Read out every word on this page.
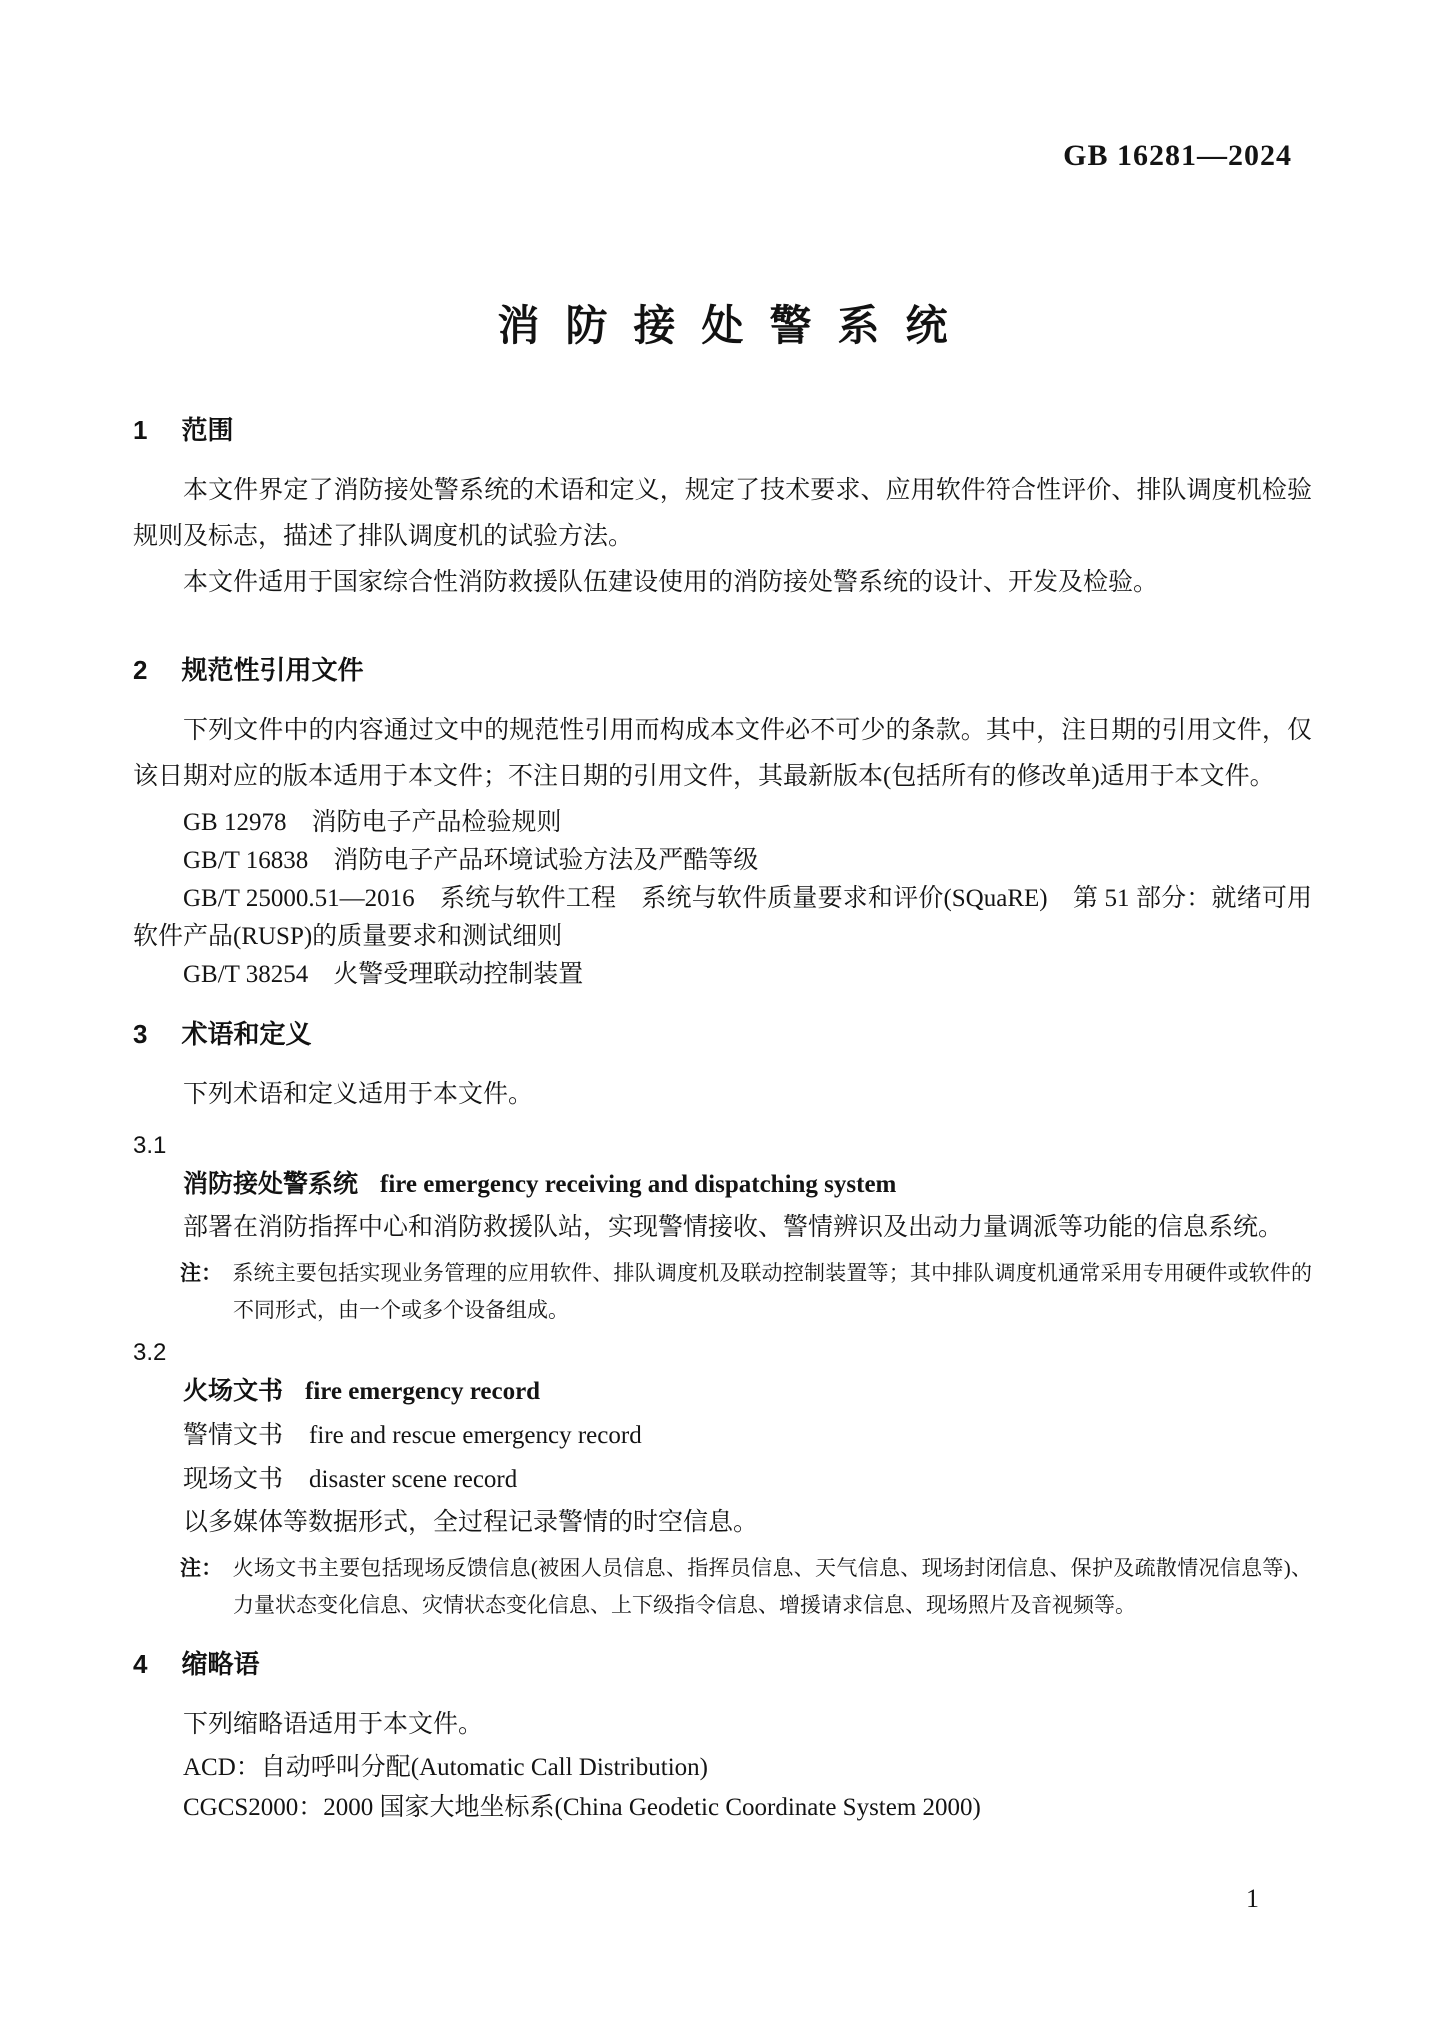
GB 16281—2024
消防接处警系统
1 范围

本文件界定了消防接处警系统的术语和定义，规定了技术要求、应用软件符合性评价、排队调度机检验规则及标志，描述了排队调度机的试验方法。

本文件适用于国家综合性消防救援队伍建设使用的消防接处警系统的设计、开发及检验。

2 规范性引用文件

下列文件中的内容通过文中的规范性引用而构成本文件必不可少的条款。其中，注日期的引用文件，仅该日期对应的版本适用于本文件；不注日期的引用文件，其最新版本(包括所有的修改单)适用于本文件。

GB 12978　消防电子产品检验规则

GB/T 16838　消防电子产品环境试验方法及严酷等级

GB/T 25000.51—2016　系统与软件工程　系统与软件质量要求和评价(SQuaRE)　第 51 部分：就绪可用软件产品(RUSP)的质量要求和测试细则

GB/T 38254　火警受理联动控制装置

3 术语和定义

下列术语和定义适用于本文件。

3.1

消防接处警系统 fire emergency receiving and dispatching system

部署在消防指挥中心和消防救援队站，实现警情接收、警情辨识及出动力量调派等功能的信息系统。

注： 系统主要包括实现业务管理的应用软件、排队调度机及联动控制装置等；其中排队调度机通常采用专用硬件或软件的不同形式，由一个或多个设备组成。

3.2

火场文书 fire emergency record

警情文书 fire and rescue emergency record

现场文书 disaster scene record

以多媒体等数据形式，全过程记录警情的时空信息。

注： 火场文书主要包括现场反馈信息(被困人员信息、指挥员信息、天气信息、现场封闭信息、保护及疏散情况信息等)、力量状态变化信息、灾情状态变化信息、上下级指令信息、增援请求信息、现场照片及音视频等。

4 缩略语

下列缩略语适用于本文件。

ACD：自动呼叫分配(Automatic Call Distribution)

CGCS2000：2000 国家大地坐标系(China Geodetic Coordinate System 2000)

1
